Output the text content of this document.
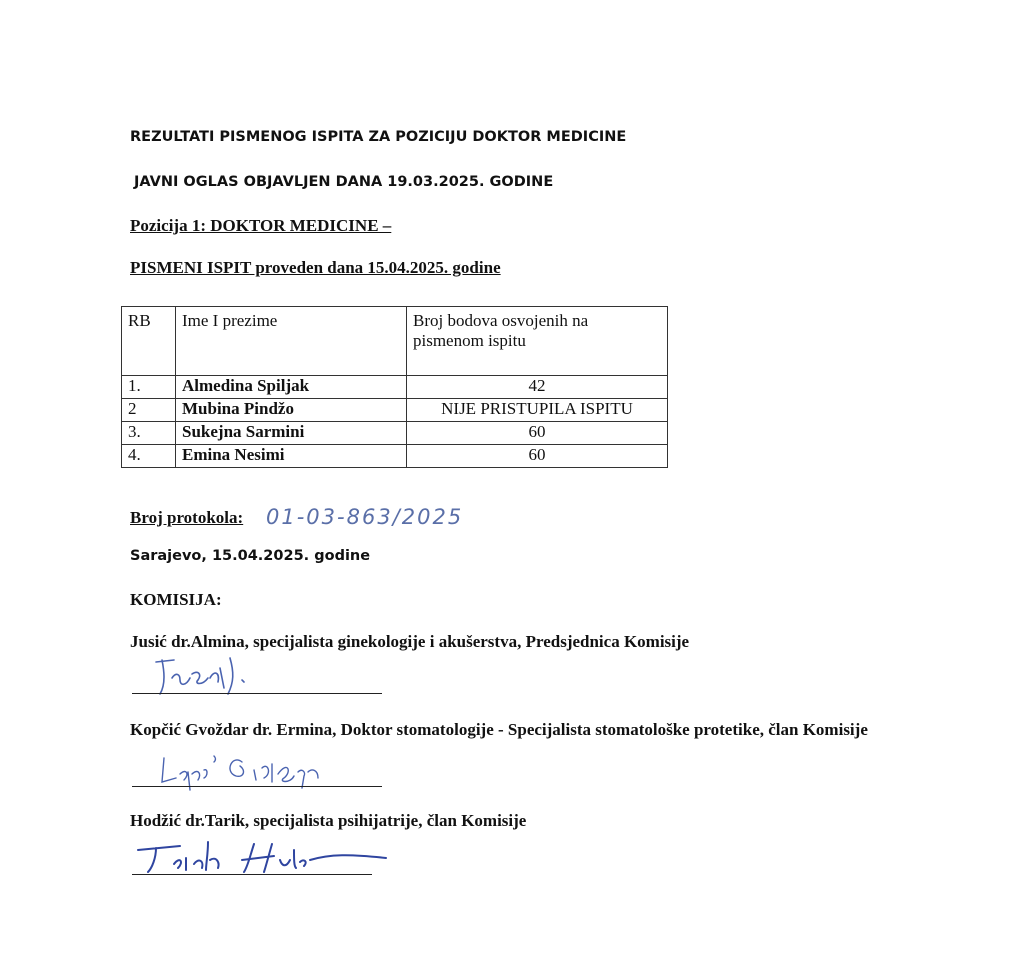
REZULTATI PISMENOG ISPITA ZA POZICIJU DOKTOR MEDICINE
JAVNI OGLAS OBJAVLJEN DANA 19.03.2025. GODINE
Pozicija 1: DOKTOR MEDICINE –
PISMENI ISPIT proveden dana 15.04.2025. godine
RB	Ime I prezime	Broj bodova osvojenih na pismenom ispitu
1.	Almedina Spiljak	42
2	Mubina Pindžo	NIJE PRISTUPILA ISPITU
3.	Sukejna Sarmini	60
4.	Emina Nesimi	60
Broj protokola: 01-03-863/2025
Sarajevo, 15.04.2025. godine
KOMISIJA:
Jusić dr.Almina, specijalista ginekologije i akušerstva, Predsjednica Komisije
Kopčić Gvoždar dr. Ermina, Doktor stomatologije - Specijalista stomatološke protetike, član Komisije
Hodžić dr.Tarik, specijalista psihijatrije, član Komisije
